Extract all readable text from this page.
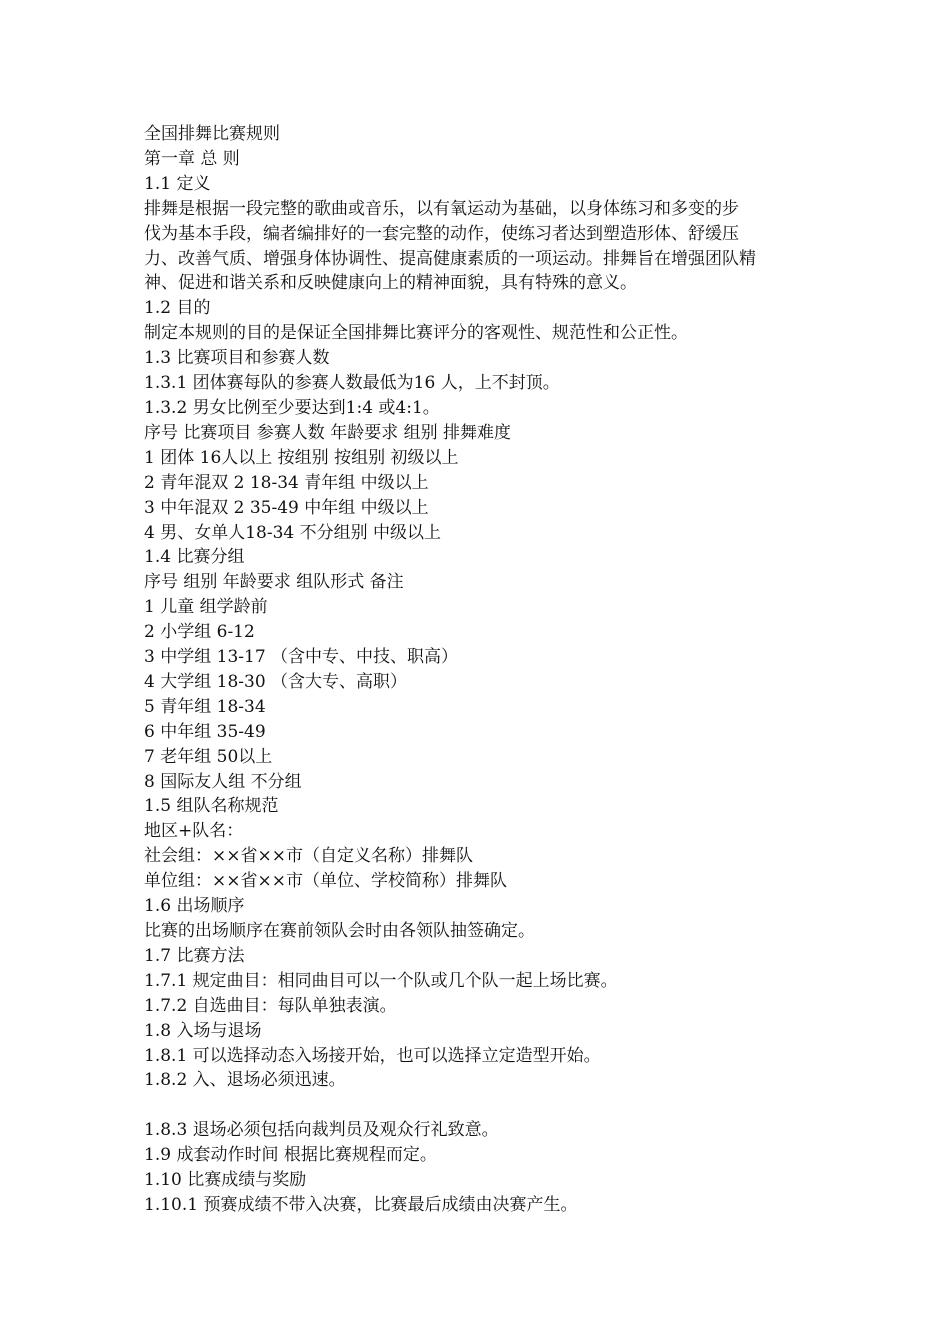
全国排舞比赛规则
第一章 总 则
1.1 定义
排舞是根据一段完整的歌曲或音乐，以有氧运动为基础，以身体练习和多变的步
伐为基本手段，编者编排好的一套完整的动作，使练习者达到塑造形体、舒缓压
力、改善气质、增强身体协调性、提高健康素质的一项运动。排舞旨在增强团队精
神、促进和谐关系和反映健康向上的精神面貌，具有特殊的意义。
1.2 目的
制定本规则的目的是保证全国排舞比赛评分的客观性、规范性和公正性。
1.3 比赛项目和参赛人数
1.3.1 团体赛每队的参赛人数最低为16 人，上不封顶。
1.3.2 男女比例至少要达到1:4 或4:1。
序号 比赛项目 参赛人数 年龄要求 组别 排舞难度
1 团体 16人以上 按组别 按组别 初级以上
2 青年混双 2 18-34 青年组 中级以上
3 中年混双 2 35-49 中年组 中级以上
4 男、女单人18-34 不分组别 中级以上
1.4 比赛分组
序号 组别 年龄要求 组队形式 备注
1 儿童 组学龄前
2 小学组 6-12
3 中学组 13-17 （含中专、中技、职高）
4 大学组 18-30 （含大专、高职）
5 青年组 18-34
6 中年组 35-49
7 老年组 50以上
8 国际友人组 不分组
1.5 组队名称规范
地区+队名：
社会组：××省××市（自定义名称）排舞队
单位组：××省××市（单位、学校简称）排舞队
1.6 出场顺序
比赛的出场顺序在赛前领队会时由各领队抽签确定。
1.7 比赛方法
1.7.1 规定曲目：相同曲目可以一个队或几个队一起上场比赛。
1.7.2 自选曲目：每队单独表演。
1.8 入场与退场
1.8.1 可以选择动态入场接开始，也可以选择立定造型开始。
1.8.2 入、退场必须迅速。
1.8.3 退场必须包括向裁判员及观众行礼致意。
1.9 成套动作时间 根据比赛规程而定。
1.10 比赛成绩与奖励
1.10.1 预赛成绩不带入决赛，比赛最后成绩由决赛产生。
